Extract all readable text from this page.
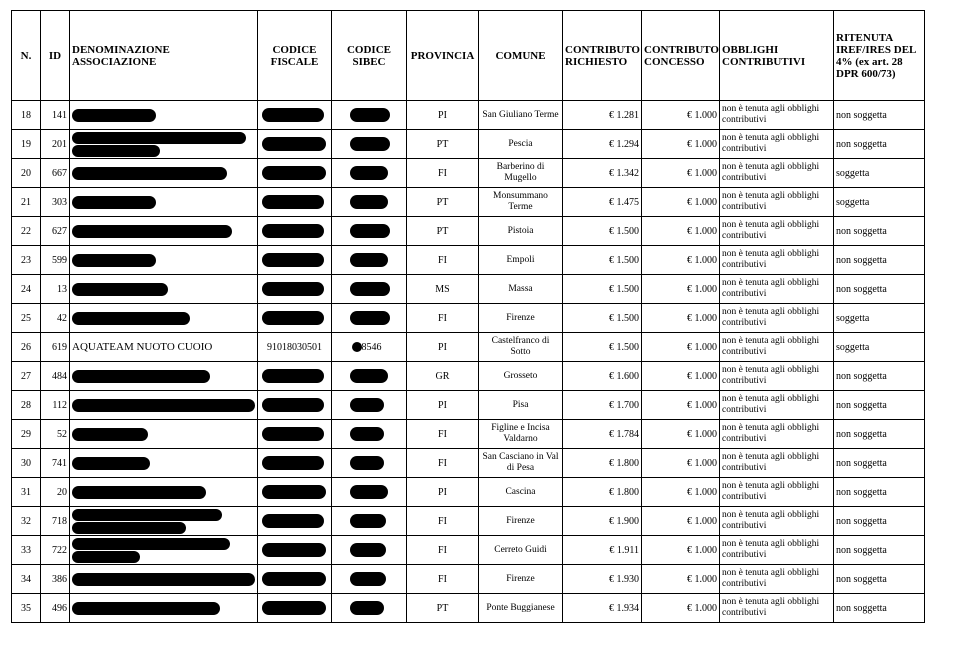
N.	ID	DENOMINAZIONE ASSOCIAZIONE	CODICE FISCALE	CODICE SIBEC	PROVINCIA	COMUNE	CONTRIBUTO RICHIESTO	CONTRIBUTO CONCESSO	OBBLIGHI CONTRIBUTIVI	RITENUTA IREF/IRES DEL 4% (ex art. 28 DPR 600/73)

18	141				PI	San Giuliano Terme	€ 1.281	€ 1.000	non è tenuta agli obblighi contributivi	non soggetta

19	201				PT	Pescia	€ 1.294	€ 1.000	non è tenuta agli obblighi contributivi	non soggetta

20	667				FI	Barberino di Mugello	€ 1.342	€ 1.000	non è tenuta agli obblighi contributivi	soggetta

21	303				PT	Monsummano Terme	€ 1.475	€ 1.000	non è tenuta agli obblighi contributivi	soggetta

22	627				PT	Pistoia	€ 1.500	€ 1.000	non è tenuta agli obblighi contributivi	non soggetta

23	599				FI	Empoli	€ 1.500	€ 1.000	non è tenuta agli obblighi contributivi	non soggetta

24	13				MS	Massa	€ 1.500	€ 1.000	non è tenuta agli obblighi contributivi	non soggetta

25	42				FI	Firenze	€ 1.500	€ 1.000	non è tenuta agli obblighi contributivi	soggetta

26	619	AQUATEAM NUOTO CUOIO	91018030501	88546	PI	Castelfranco di Sotto	€ 1.500	€ 1.000	non è tenuta agli obblighi contributivi	soggetta

27	484				GR	Grosseto	€ 1.600	€ 1.000	non è tenuta agli obblighi contributivi	non soggetta

28	112				PI	Pisa	€ 1.700	€ 1.000	non è tenuta agli obblighi contributivi	non soggetta

29	52				FI	Figline e Incisa Valdarno	€ 1.784	€ 1.000	non è tenuta agli obblighi contributivi	non soggetta

30	741				FI	San Casciano in Val di Pesa	€ 1.800	€ 1.000	non è tenuta agli obblighi contributivi	non soggetta

31	20				PI	Cascina	€ 1.800	€ 1.000	non è tenuta agli obblighi contributivi	non soggetta

32	718				FI	Firenze	€ 1.900	€ 1.000	non è tenuta agli obblighi contributivi	non soggetta

33	722				FI	Cerreto Guidi	€ 1.911	€ 1.000	non è tenuta agli obblighi contributivi	non soggetta

34	386				FI	Firenze	€ 1.930	€ 1.000	non è tenuta agli obblighi contributivi	non soggetta

35	496				PT	Ponte Buggianese	€ 1.934	€ 1.000	non è tenuta agli obblighi contributivi	non soggetta
